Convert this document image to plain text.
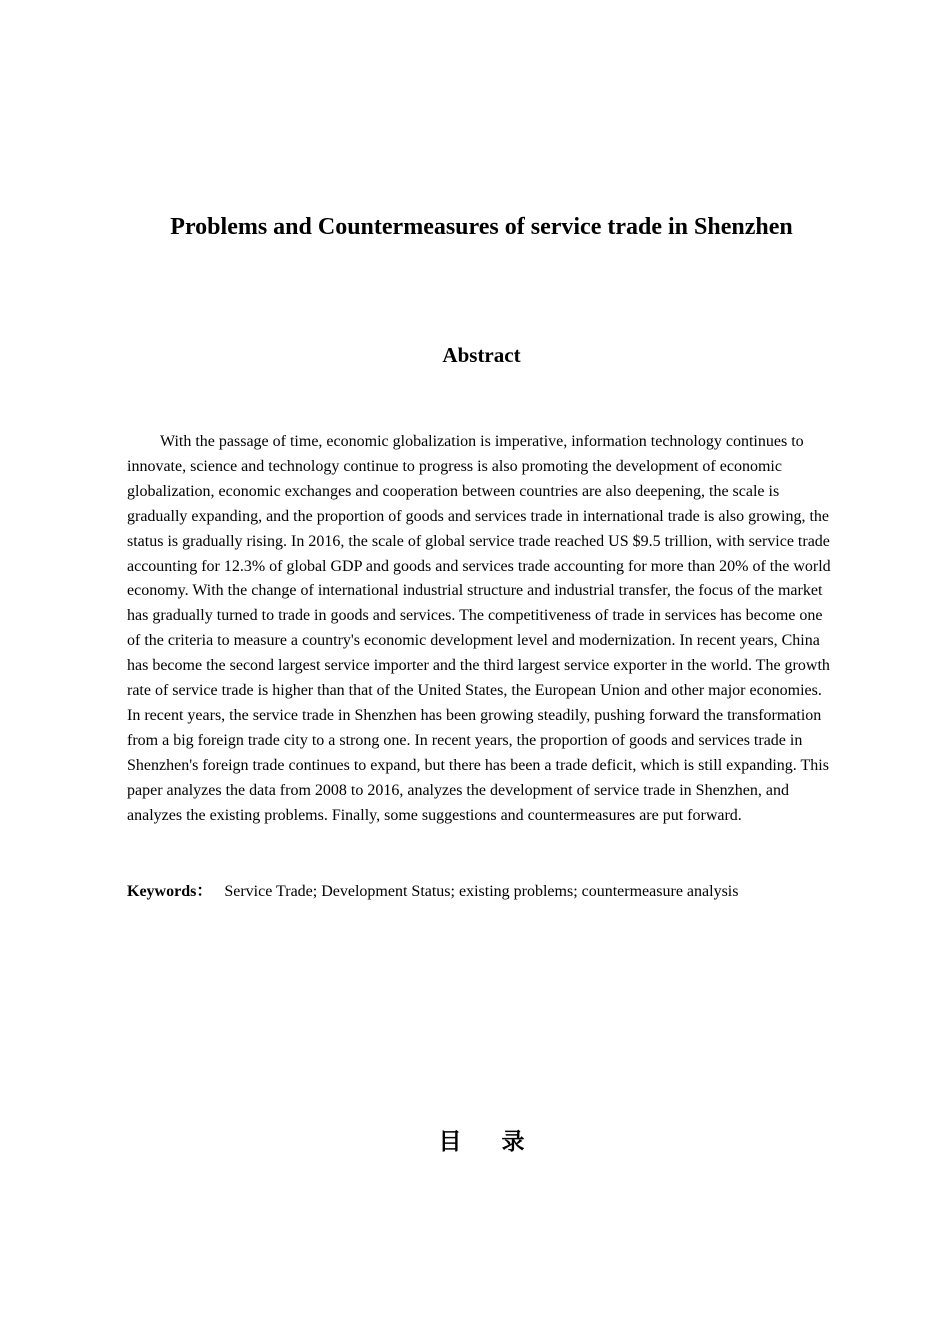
Problems and Countermeasures of service trade in Shenzhen
Abstract

With the passage of time, economic globalization is imperative, information technology continues to innovate, science and technology continue to progress is also promoting the development of economic globalization, economic exchanges and cooperation between countries are also deepening, the scale is gradually expanding, and the proportion of goods and services trade in international trade is also growing, the status is gradually rising. In 2016, the scale of global service trade reached US $9.5 trillion, with service trade accounting for 12.3% of global GDP and goods and services trade accounting for more than 20% of the world economy. With the change of international industrial structure and industrial transfer, the focus of the market has gradually turned to trade in goods and services. The competitiveness of trade in services has become one of the criteria to measure a country's economic development level and modernization. In recent years, China has become the second largest service importer and the third largest service exporter in the world. The growth rate of service trade is higher than that of the United States, the European Union and other major economies. In recent years, the service trade in Shenzhen has been growing steadily, pushing forward the transformation from a big foreign trade city to a strong one. In recent years, the proportion of goods and services trade in Shenzhen's foreign trade continues to expand, but there has been a trade deficit, which is still expanding. This paper analyzes the data from 2008 to 2016, analyzes the development of service trade in Shenzhen, and analyzes the existing problems. Finally, some suggestions and countermeasures are put forward.

Keywords： Service Trade; Development Status; existing problems; countermeasure analysis

目录
